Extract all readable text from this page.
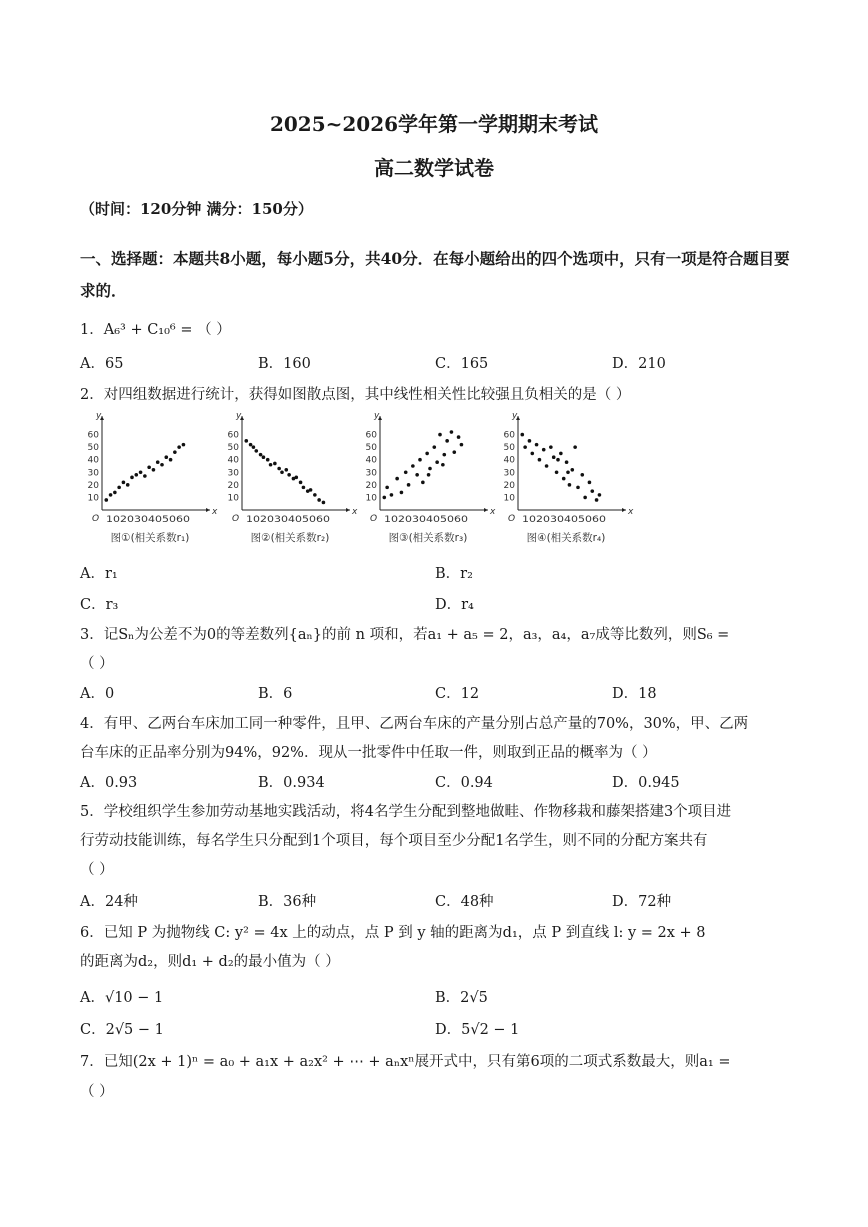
2025~2026学年第一学期期末考试
高二数学试卷
（时间：120分钟 满分：150分）
一、选择题：本题共8小题，每小题5分，共40分．在每小题给出的四个选项中，只有一项是符合题目要求的．
1．A₆³ + C₁₀⁶ = （ ）
A．65	B．160	C．165	D．210
2．对四组数据进行统计，获得如图散点图，其中线性相关性比较强且负相关的是（ ）
60
50
40
30
20
10
y
x
O 102030405060
图①(相关系数r₁)
60
50
40
30
20
10
y
x
O 102030405060
图②(相关系数r₂)
60
50
40
30
20
10
y
x
O 102030405060
图③(相关系数r₃)
60
50
40
30
20
10
y
x
O 102030405060
图④(相关系数r₄)
A．r₁	B．r₂
C．r₃	D．r₄
3．记Sₙ为公差不为0的等差数列{aₙ}的前 n 项和，若a₁ + a₅ = 2，a₃，a₄，a₇成等比数列，则S₆ =
（ ）
A．0	B．6	C．12	D．18
4．有甲、乙两台车床加工同一种零件，且甲、乙两台车床的产量分别占总产量的70%，30%，甲、乙两
台车床的正品率分别为94%，92%．现从一批零件中任取一件，则取到正品的概率为（ ）
A．0.93	B．0.934	C．0.94	D．0.945
5．学校组织学生参加劳动基地实践活动，将4名学生分配到整地做畦、作物移栽和藤架搭建3个项目进
行劳动技能训练，每名学生只分配到1个项目，每个项目至少分配1名学生，则不同的分配方案共有
（ ）
A．24种	B．36种	C．48种	D．72种
6．已知 P 为抛物线 C: y² = 4x 上的动点，点 P 到 y 轴的距离为d₁，点 P 到直线 l: y = 2x + 8
的距离为d₂，则d₁ + d₂的最小值为（ ）
A．√10 − 1	B．2√5
C．2√5 − 1	D．5√2 − 1
7．已知(2x + 1)ⁿ = a₀ + a₁x + a₂x² + ⋯ + aₙxⁿ展开式中，只有第6项的二项式系数最大，则a₁ =
（ ）
